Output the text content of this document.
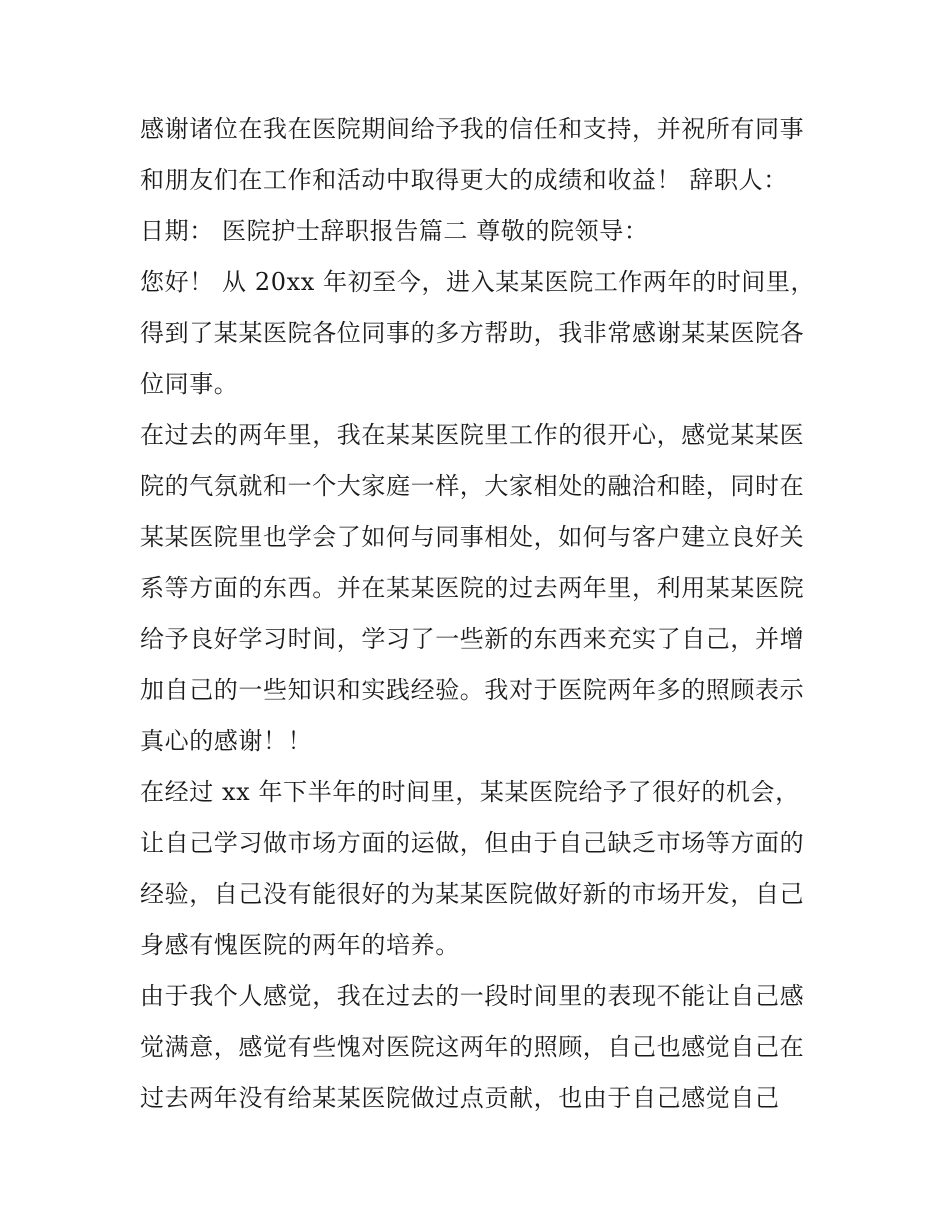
感谢诸位在我在医院期间给予我的信任和支持，并祝所有同事
和朋友们在工作和活动中取得更大的成绩和收益！ 辞职人：
日期： 医院护士辞职报告篇二 尊敬的院领导：
您好！ 从 20xx 年初至今，进入某某医院工作两年的时间里，
得到了某某医院各位同事的多方帮助，我非常感谢某某医院各
位同事。
在过去的两年里，我在某某医院里工作的很开心，感觉某某医
院的气氛就和一个大家庭一样，大家相处的融洽和睦，同时在
某某医院里也学会了如何与同事相处，如何与客户建立良好关
系等方面的东西。并在某某医院的过去两年里，利用某某医院
给予良好学习时间，学习了一些新的东西来充实了自己，并增
加自己的一些知识和实践经验。我对于医院两年多的照顾表示
真心的感谢！！
在经过 xx 年下半年的时间里，某某医院给予了很好的机会，
让自己学习做市场方面的运做，但由于自己缺乏市场等方面的
经验，自己没有能很好的为某某医院做好新的市场开发，自己
身感有愧医院的两年的培养。
由于我个人感觉，我在过去的一段时间里的表现不能让自己感
觉满意，感觉有些愧对医院这两年的照顾，自己也感觉自己在
过去两年没有给某某医院做过点贡献，也由于自己感觉自己
